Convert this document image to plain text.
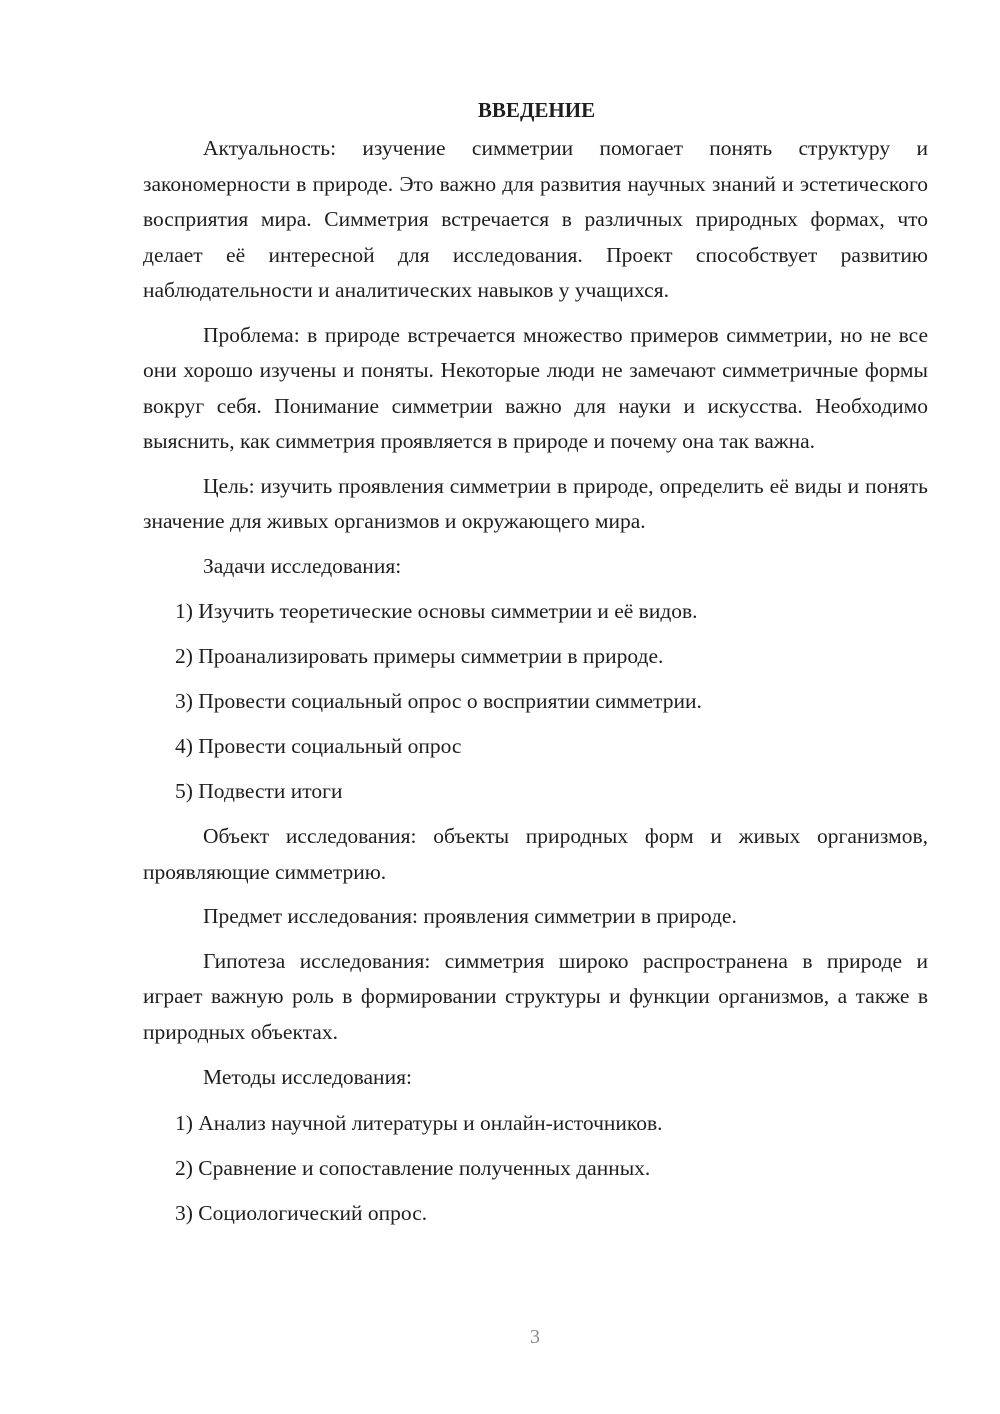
ВВЕДЕНИЕ

Актуальность: изучение симметрии помогает понять структуру и закономерности в природе. Это важно для развития научных знаний и эстетического восприятия мира. Симметрия встречается в различных природных формах, что делает её интересной для исследования. Проект способствует развитию наблюдательности и аналитических навыков у учащихся.

Проблема: в природе встречается множество примеров симметрии, но не все они хорошо изучены и поняты. Некоторые люди не замечают симметричные формы вокруг себя. Понимание симметрии важно для науки и искусства. Необходимо выяснить, как симметрия проявляется в природе и почему она так важна.

Цель: изучить проявления симметрии в природе, определить её виды и понять значение для живых организмов и окружающего мира.

Задачи исследования:

1) Изучить теоретические основы симметрии и её видов.

2) Проанализировать примеры симметрии в природе.

3) Провести социальный опрос о восприятии симметрии.

4) Провести социальный опрос

5) Подвести итоги

Объект исследования: объекты природных форм и живых организмов, проявляющие симметрию.

Предмет исследования: проявления симметрии в природе.

Гипотеза исследования: симметрия широко распространена в природе и играет важную роль в формировании структуры и функции организмов, а также в природных объектах.

Методы исследования:

1) Анализ научной литературы и онлайн-источников.

2) Сравнение и сопоставление полученных данных.

3) Социологический опрос.

3
